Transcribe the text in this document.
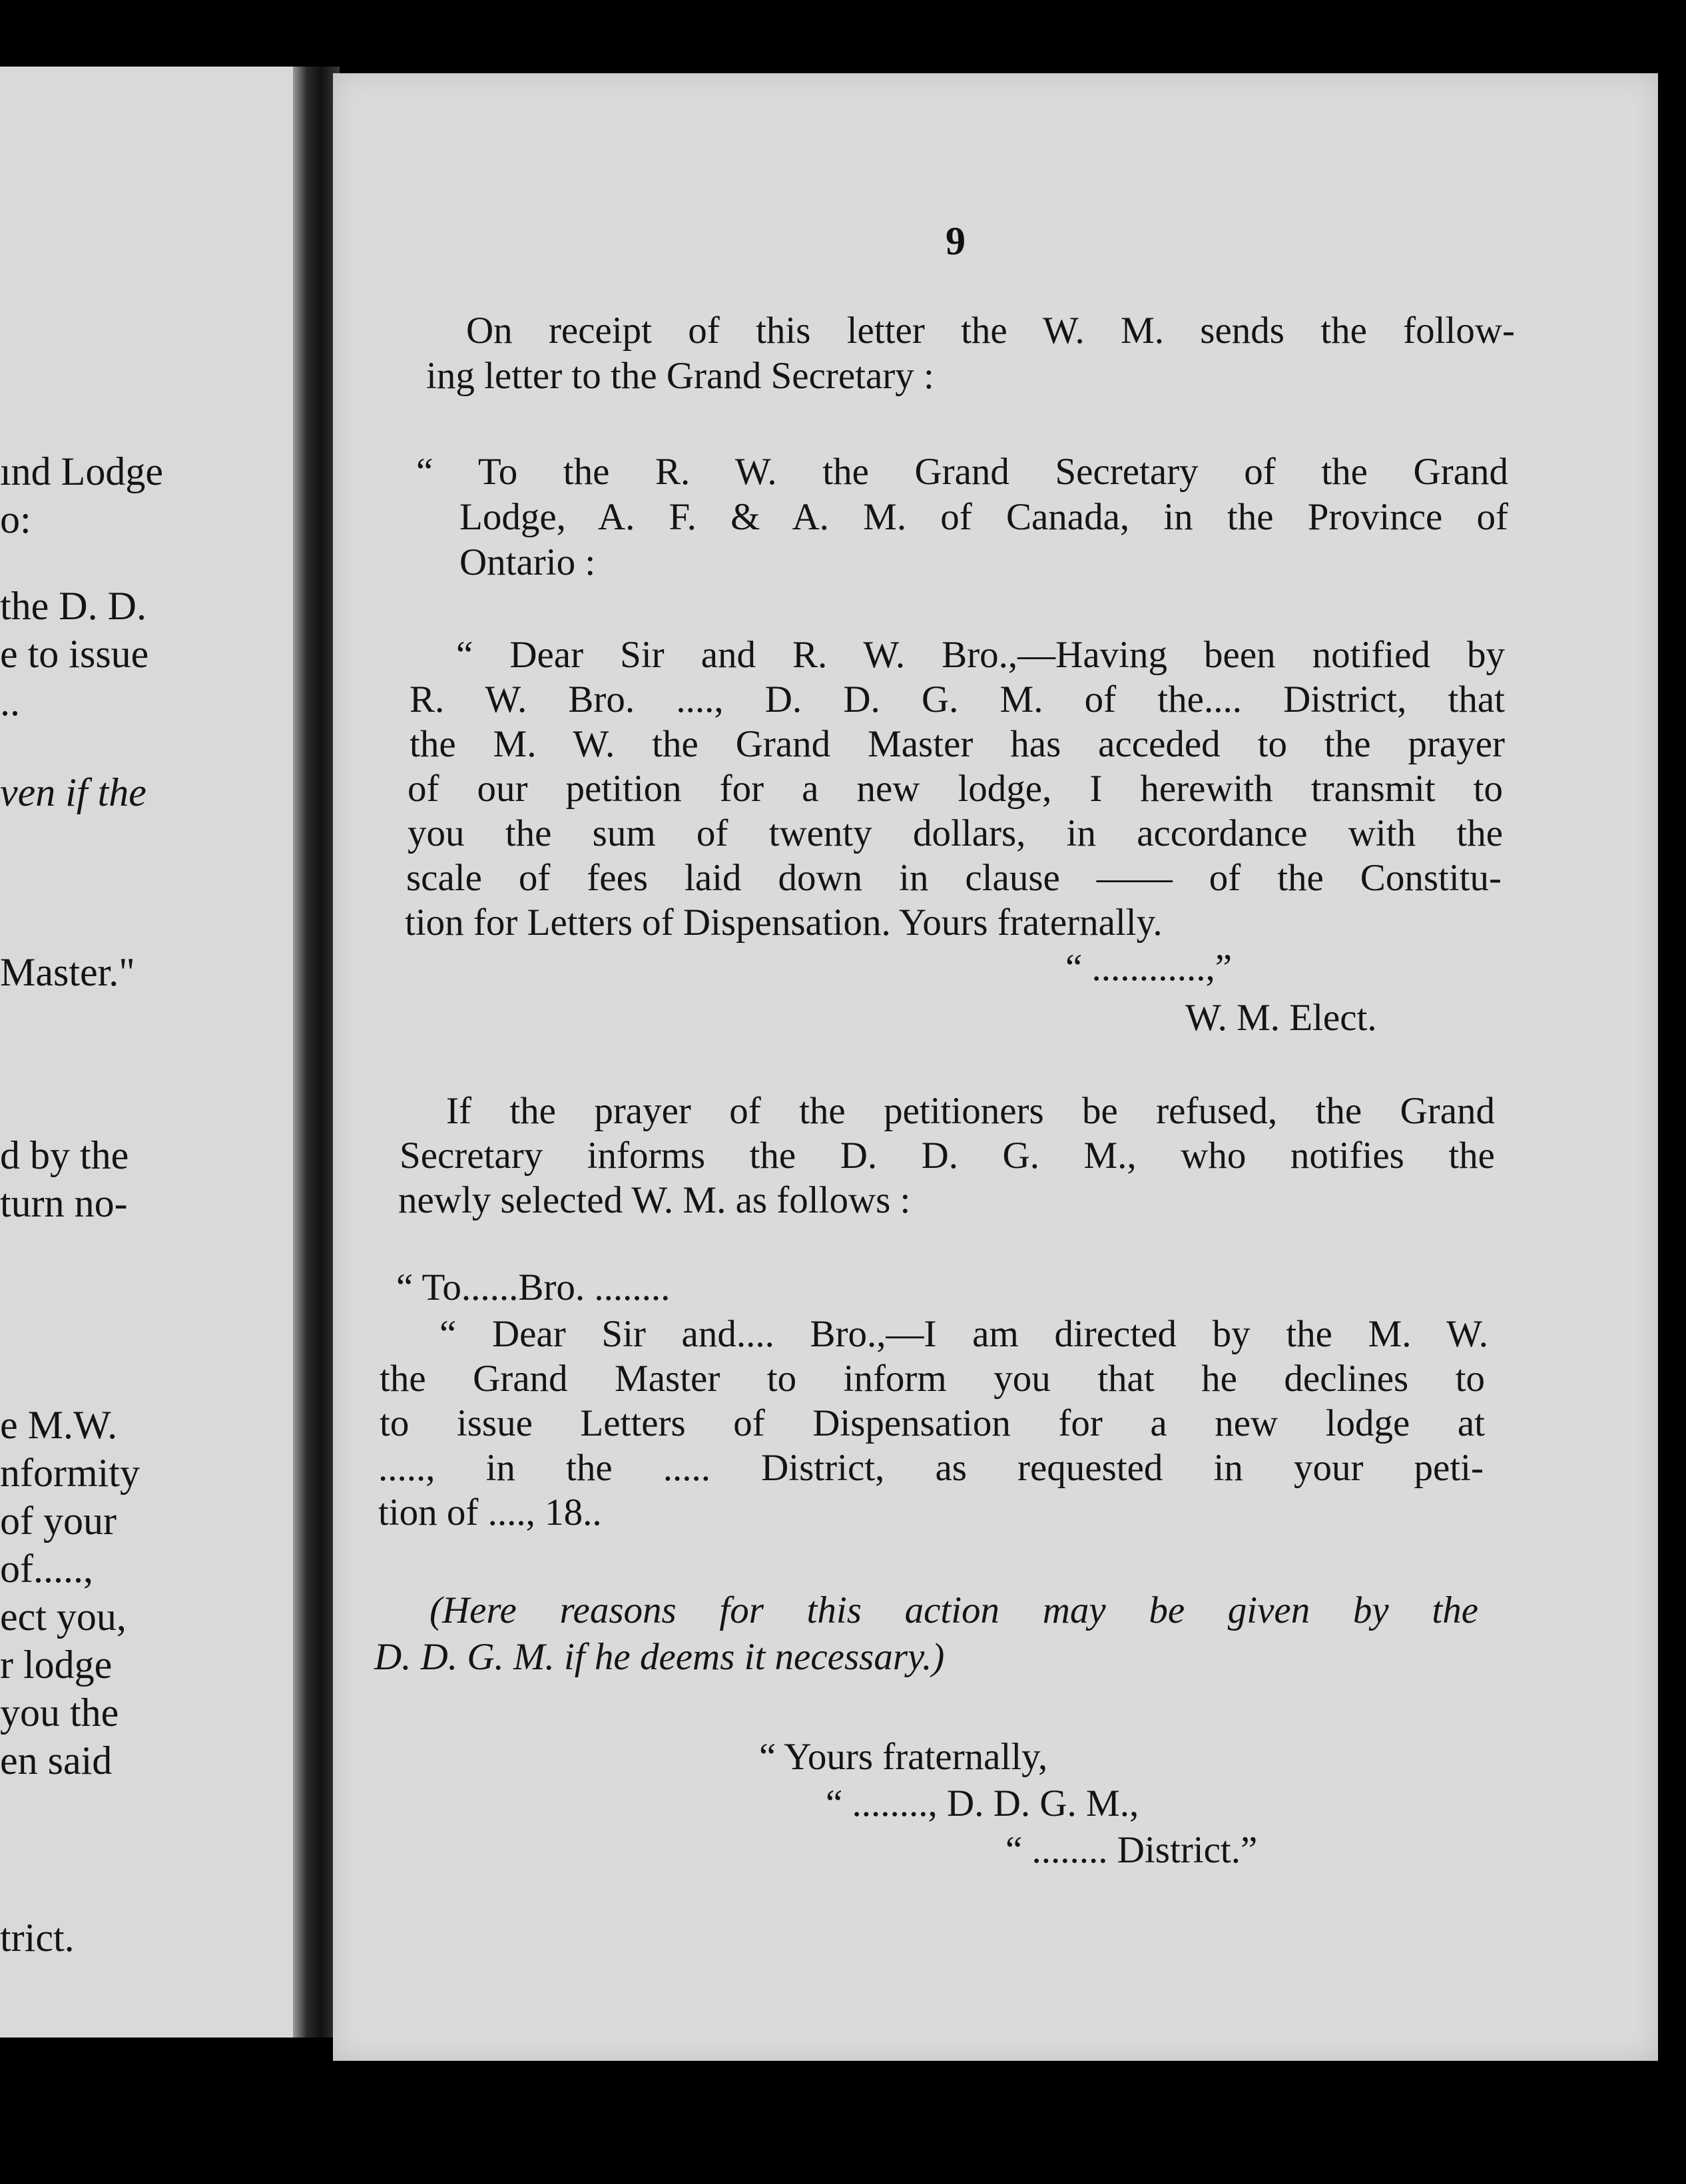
ınd Lodge
o:
the D. D.
e to issue
..
ven if the
Master."
d by the
turn no-
e M.W.
nformity
of your
of.....,
ect you,
r lodge
you the
en said
trict.
9
On receipt of this letter the W. M. sends the follow-
ing letter to the Grand Secretary :
“ To the R. W. the Grand Secretary of the Grand
Lodge, A. F. & A. M. of Canada, in the Province of
Ontario :
“ Dear Sir and R. W. Bro.,—Having been notified by
R. W. Bro. ...., D. D. G. M. of the.... District, that
the M. W. the Grand Master has acceded to the prayer
of our petition for a new lodge, I herewith transmit to
you the sum of twenty dollars, in accordance with the
scale of fees laid down in clause —— of the Constitu-
tion for Letters of Dispensation. Yours fraternally.
“ ............,”
W. M. Elect.
If the prayer of the petitioners be refused, the Grand
Secretary informs the D. D. G. M., who notifies the
newly selected W. M. as follows :
“ To......Bro. ........
“ Dear Sir and.... Bro.,—I am directed by the M. W.
the Grand Master to inform you that he declines to
to issue Letters of Dispensation for a new lodge at
....., in the ..... District, as requested in your peti-
tion of ...., 18..
(Here reasons for this action may be given by the
D. D. G. M. if he deems it necessary.)
“ Yours fraternally,
“ ........, D. D. G. M.,
“ ........ District.”
